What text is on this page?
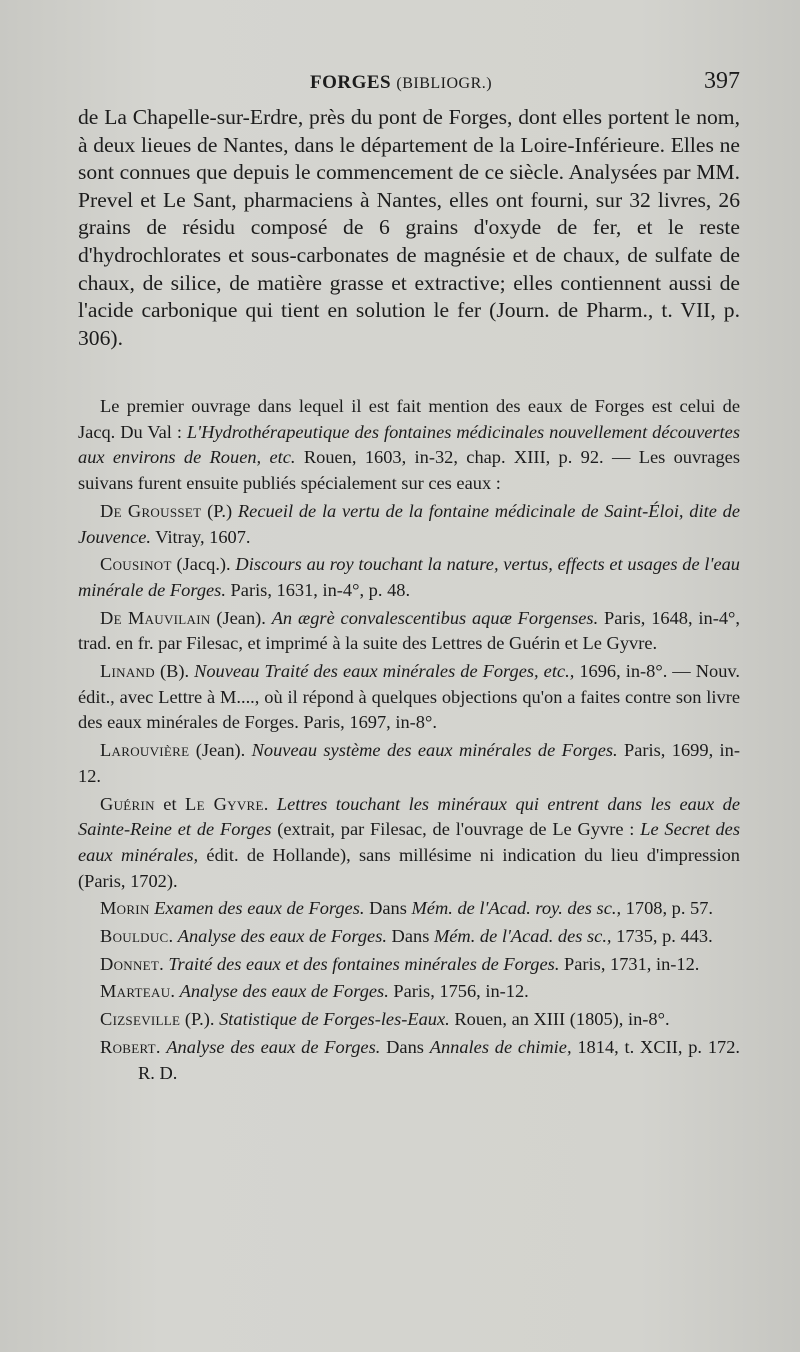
FORGES (BIBLIOGR.)	397

de La Chapelle-sur-Erdre, près du pont de Forges, dont elles portent le nom, à deux lieues de Nantes, dans le département de la Loire-Inférieure. Elles ne sont connues que depuis le commencement de ce siècle. Analysées par MM. Prevel et Le Sant, pharmaciens à Nantes, elles ont fourni, sur 32 livres, 26 grains de résidu composé de 6 grains d'oxyde de fer, et le reste d'hydrochlorates et sous-carbonates de magnésie et de chaux, de sulfate de chaux, de silice, de matière grasse et extractive; elles contiennent aussi de l'acide carbonique qui tient en solution le fer (Journ. de Pharm., t. VII, p. 306).

Le premier ouvrage dans lequel il est fait mention des eaux de Forges est celui de Jacq. Du Val : L'Hydrothérapeutique des fontaines médicinales nouvellement découvertes aux environs de Rouen, etc. Rouen, 1603, in-32, chap. XIII, p. 92. — Les ouvrages suivans furent ensuite publiés spécialement sur ces eaux :

De Grousset (P.) Recueil de la vertu de la fontaine médicinale de Saint-Éloi, dite de Jouvence. Vitray, 1607.

Cousinot (Jacq.). Discours au roy touchant la nature, vertus, effects et usages de l'eau minérale de Forges. Paris, 1631, in-4°, p. 48.

De Mauvilain (Jean). An ægrè convalescentibus aquæ Forgenses. Paris, 1648, in-4°, trad. en fr. par Filesac, et imprimé à la suite des Lettres de Guérin et Le Gyvre.

Linand (B). Nouveau Traité des eaux minérales de Forges, etc., 1696, in-8°. — Nouv. édit., avec Lettre à M...., où il répond à quelques objections qu'on a faites contre son livre des eaux minérales de Forges. Paris, 1697, in-8°.

Larouvière (Jean). Nouveau système des eaux minérales de Forges. Paris, 1699, in-12.

Guérin et Le Gyvre. Lettres touchant les minéraux qui entrent dans les eaux de Sainte-Reine et de Forges (extrait, par Filesac, de l'ouvrage de Le Gyvre : Le Secret des eaux minérales, édit. de Hollande), sans millésime ni indication du lieu d'impression (Paris, 1702).

Morin Examen des eaux de Forges. Dans Mém. de l'Acad. roy. des sc., 1708, p. 57.

Boulduc. Analyse des eaux de Forges. Dans Mém. de l'Acad. des sc., 1735, p. 443.

Donnet. Traité des eaux et des fontaines minérales de Forges. Paris, 1731, in-12.

Marteau. Analyse des eaux de Forges. Paris, 1756, in-12.

Cizseville (P.). Statistique de Forges-les-Eaux. Rouen, an XIII (1805), in-8°.

Robert. Analyse des eaux de Forges. Dans Annales de chimie, 1814, t. XCII, p. 172.R. D.
